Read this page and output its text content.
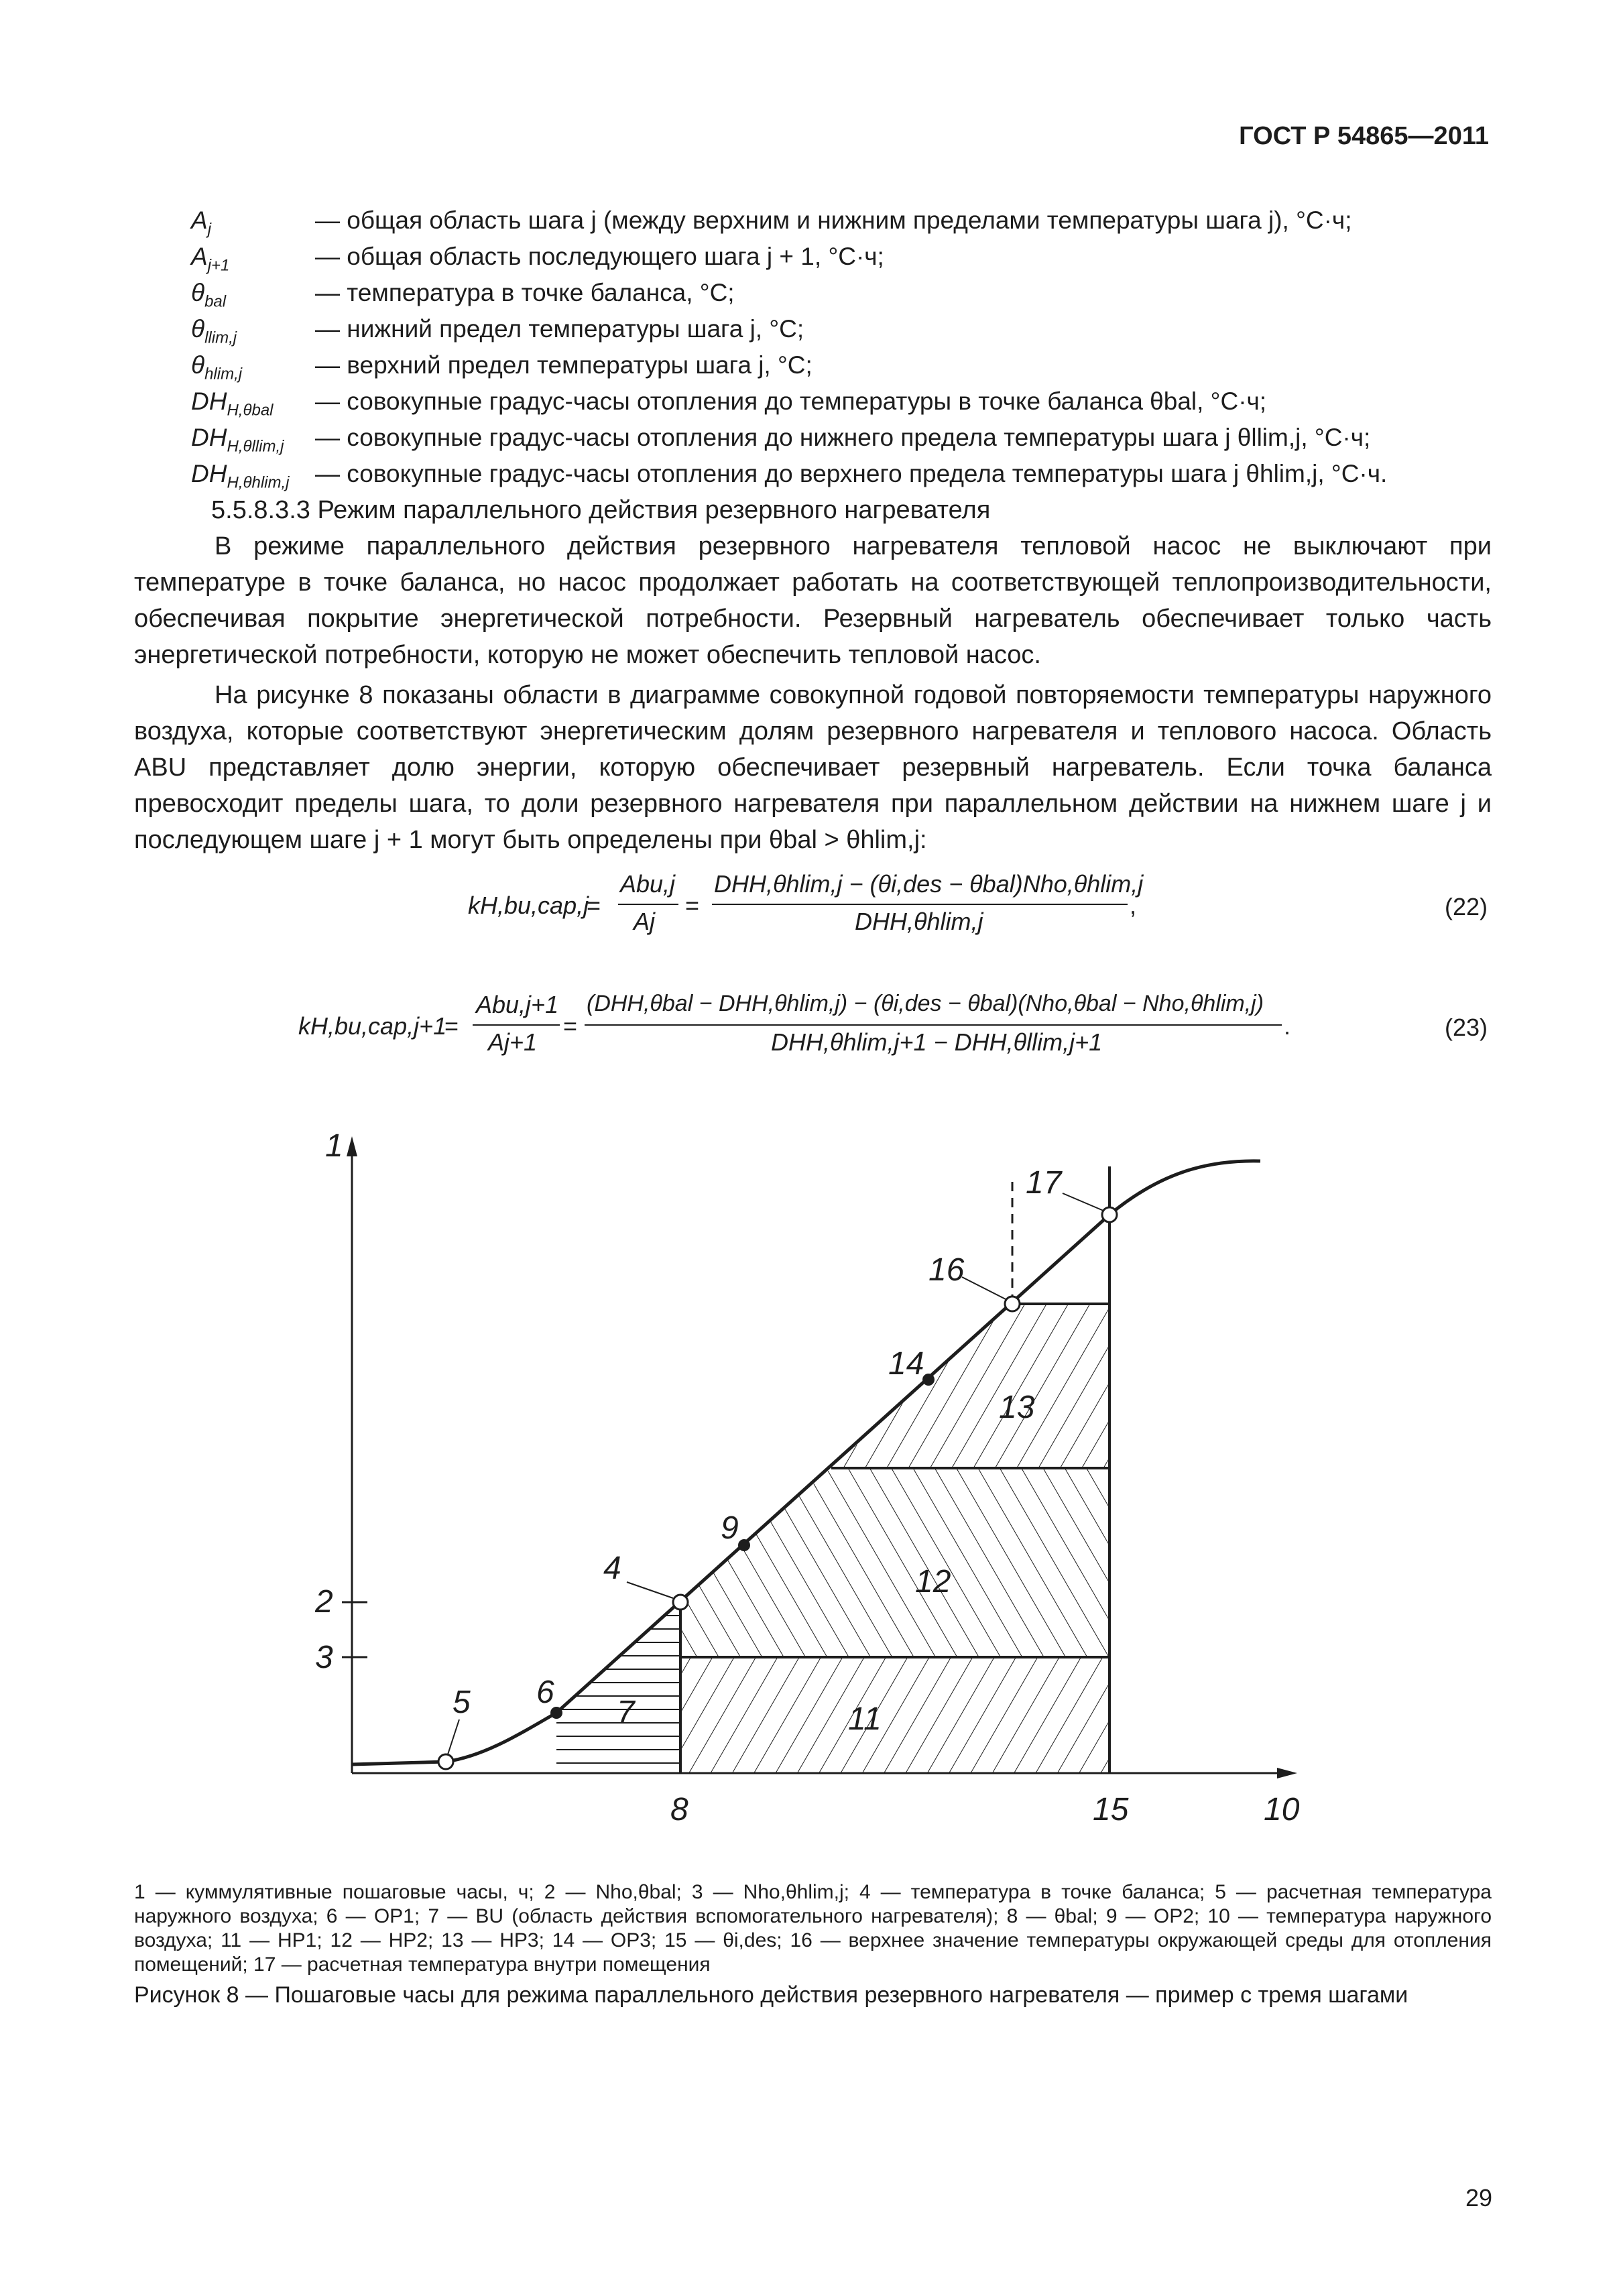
ГОСТ Р 54865—2011
$A_j$	— общая область шага j (между верхним и нижним пределами температуры шага j), °С·ч;
$A_{j+1}$	— общая область последующего шага j + 1, °С·ч;
$\theta_{bal}$	— температура в точке баланса, °С;
$\theta_{llim,j}$	— нижний предел температуры шага j, °С;
$\theta_{hlim,j}$	— верхний предел температуры шага j, °С;
$DH_{H,\theta bal}$ — совокупные градус-часы отопления до температуры в точке баланса θbal, °С·ч;
$DH_{H,\theta llim,j}$ — совокупные градус-часы отопления до нижнего предела температуры шага j θllim,j, °С·ч;
$DH_{H,\theta hlim,j}$ — совокупные градус-часы отопления до верхнего предела температуры шага j θhlim,j, °С·ч.

5.5.8.3.3 Режим параллельного действия резервного нагревателя

В режиме параллельного действия резервного нагревателя тепловой насос не выключают при температуре в точке баланса, но насос продолжает работать на соответствующей теплопроизводительности, обеспечивая покрытие энергетической потребности. Резервный нагреватель обеспечивает только часть энергетической потребности, которую не может обеспечить тепловой насос.

На рисунке 8 показаны области в диаграмме совокупной годовой повторяемости температуры наружного воздуха, которые соответствуют энергетическим долям резервного нагревателя и теплового насоса. Область ABU представляет долю энергии, которую обеспечивает резервный нагреватель. Если точка баланса превосходит пределы шага, то доли резервного нагревателя при параллельном действии на нижнем шаге j и последующем шаге j + 1 могут быть определены при θbal > θhlim,j:

kH,bu,cap,j
=
Abu,j
Aj
=
DHH,θhlim,j − (θi,des − θbal)Nho,θhlim,j
DHH,θhlim,j
,	(22)
kH,bu,cap,j+1
=
Abu,j+1
Aj+1
=
(DHH,θbal − DHH,θhlim,j) − (θi,des − θbal)(Nho,θbal − Nho,θhlim,j)
DHH,θhlim,j+1 − DHH,θllim,j+1
.	(23)
1
2
3
4
5 6
7
8
9
10
11
12
13
14
15
16
17
1 — куммулятивные пошаговые часы, ч; 2 — Nho,θbal; 3 — Nho,θhlim,j; 4 — температура в точке баланса; 5 — расчетная температура наружного воздуха; 6 — OP1; 7 — BU (область действия вспомогательного нагревателя); 8 — θbal; 9 — OP2; 10 — температура наружного воздуха; 11 — HP1; 12 — HP2; 13 — HP3; 14 — OP3; 15 — θi,des; 16 — верхнее значение температуры окружающей среды для отопления помещений; 17 — расчетная температура внутри помещения
Рисунок 8 — Пошаговые часы для режима параллельного действия резервного нагревателя — пример с тремя шагами
29
